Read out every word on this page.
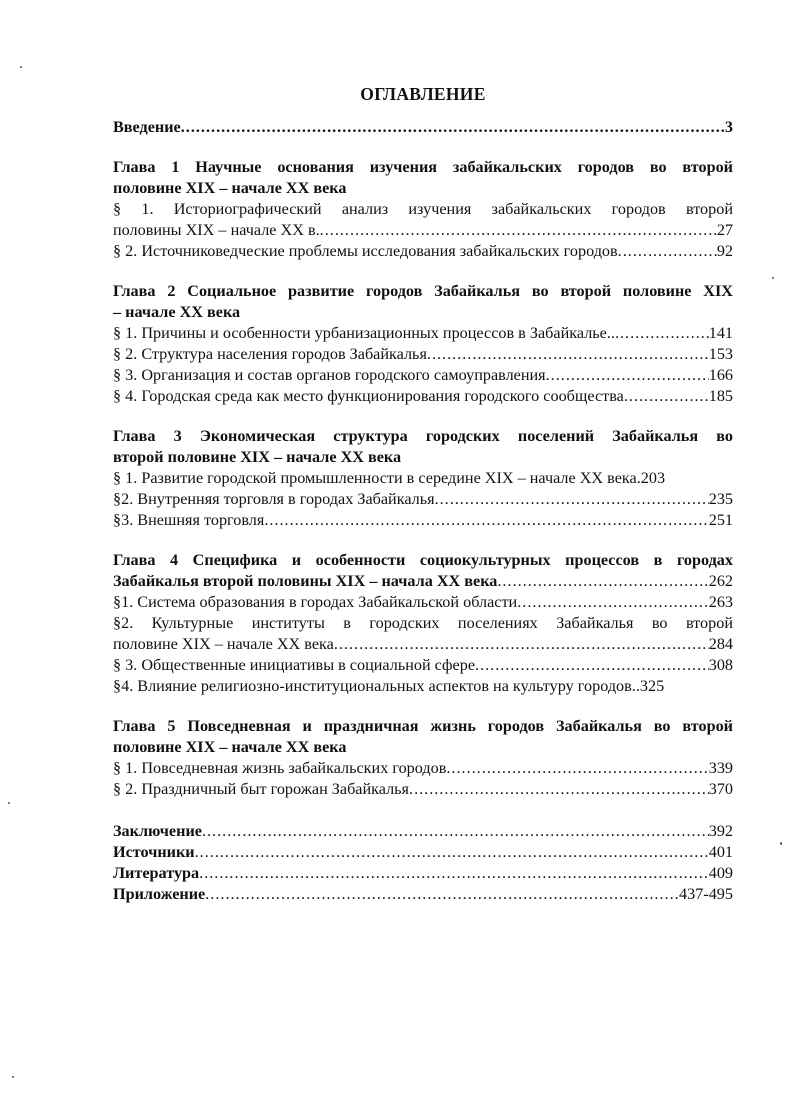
ОГЛАВЛЕНИЕ
Введение .....	3
Глава 1 Научные основания изучения забайкальских городов во второй
половине XIX – начале XX века
§ 1. Историографический анализ изучения забайкальских городов второй
половины XIX – начале XX в. .....	27
§ 2. Источниковедческие проблемы исследования забайкальских городов .....	92
Глава 2 Социальное развитие городов Забайкалья во второй половине XIX
– начале XX века
§ 1. Причины и особенности урбанизационных процессов в Забайкалье.. .....	141
§ 2. Структура населения городов Забайкалья .....	153
§ 3. Организация и состав органов городского самоуправления .....	166
§ 4. Городская среда как место функционирования городского сообщества .....	185
Глава 3 Экономическая структура городских поселений Забайкалья во
второй половине XIX – начале XX века
§ 1. Развитие городской промышленности в середине XIX – начале XX века. 203
§2. Внутренняя торговля в городах Забайкалья .....	235
§3. Внешняя торговля .....	251
Глава 4 Специфика и особенности социокультурных процессов в городах
Забайкалья второй половины XIX – начала XX века .....	262
§1. Система образования в городах Забайкальской области .....	263
§2. Культурные институты в городских поселениях Забайкалья во второй
половине XIX – начале XX века .....	284
§ 3. Общественные инициативы в социальной сфере .....	308
§4. Влияние религиозно-институциональных аспектов на культуру городов.. 325
Глава 5 Повседневная и праздничная жизнь городов Забайкалья во второй
половине XIX – начале XX века
§ 1. Повседневная жизнь забайкальских городов .....	339
§ 2. Праздничный быт горожан Забайкалья .....	370
Заключение .....	392
Источники .....	401
Литература .....	409
Приложение .....	437-495
